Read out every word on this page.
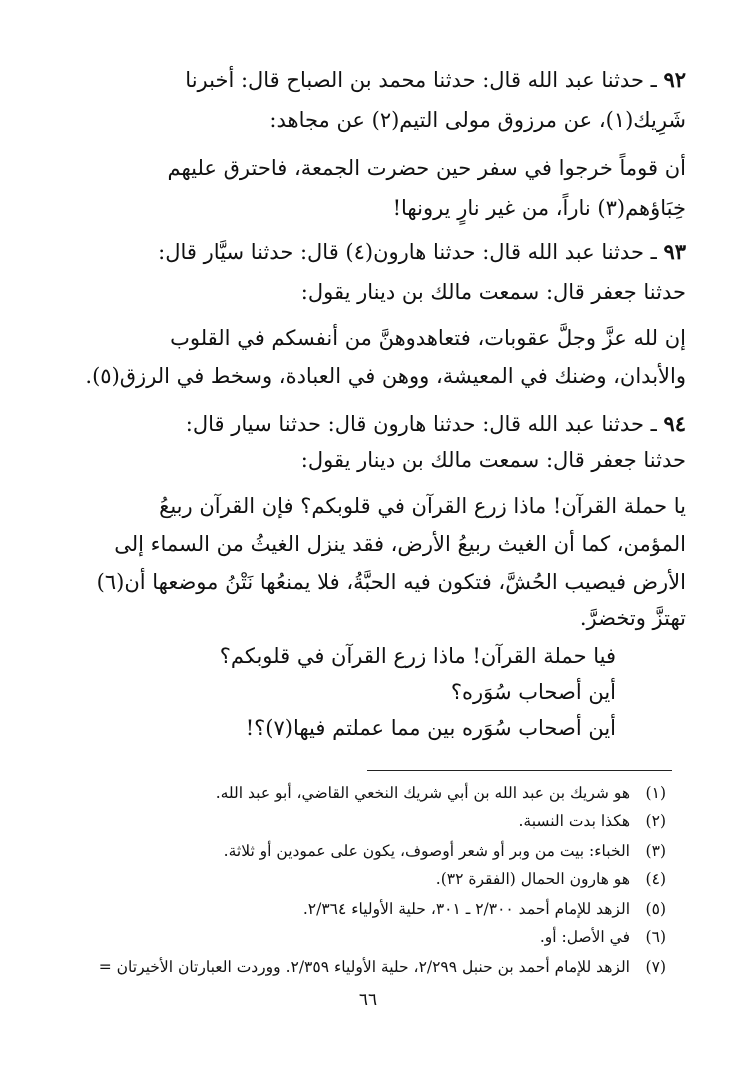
٩٢ ـ حدثنا عبد الله قال: حدثنا محمد بن الصباح قال: أخبرنا
شَرِيك(١)، عن مرزوق مولى التيم(٢) عن مجاهد:
أن قوماً خرجوا في سفر حين حضرت الجمعة، فاحترق عليهم
خِبَاؤهم(٣) ناراً، من غير نارٍ يرونها!
٩٣ ـ حدثنا عبد الله قال: حدثنا هارون(٤) قال: حدثنا سيَّار قال:
حدثنا جعفر قال: سمعت مالك بن دينار يقول:
إن لله عزَّ وجلَّ عقوبات، فتعاهدوهنَّ من أنفسكم في القلوب
والأبدان، وضنك في المعيشة، ووهن في العبادة، وسخط في الرزق(٥).
٩٤ ـ حدثنا عبد الله قال: حدثنا هارون قال: حدثنا سيار قال:
حدثنا جعفر قال: سمعت مالك بن دينار يقول:
يا حملة القرآن! ماذا زرع القرآن في قلوبكم؟ فإن القرآن ربيعُ
المؤمن، كما أن الغيث ربيعُ الأرض، فقد ينزل الغيثُ من السماء إلى
الأرض فيصيب الحُشَّ، فتكون فيه الحبَّةُ، فلا يمنعُها نَتْنُ موضعها أن(٦)
تهتزَّ وتخضرَّ.
فيا حملة القرآن! ماذا زرع القرآن في قلوبكم؟
أين أصحاب سُوَره؟
أين أصحاب سُوَره بين مما عملتم فيها(٧)؟!
(١)هو شريك بن عبد الله بن أبي شريك النخعي القاضي، أبو عبد الله.
(٢)هكذا بدت النسبة.
(٣)الخباء: بيت من وبر أو شعر أوصوف، يكون على عمودين أو ثلاثة.
(٤)هو هارون الحمال (الفقرة ٣٢).
(٥)الزهد للإمام أحمد ٢/٣٠٠ ـ ٣٠١، حلية الأولياء ٢/٣٦٤.
(٦)في الأصل: أو.
(٧)الزهد للإمام أحمد بن حنبل ٢/٢٩٩، حلية الأولياء ٢/٣٥٩. ووردت العبارتان الأخيرتان =
٦٦
